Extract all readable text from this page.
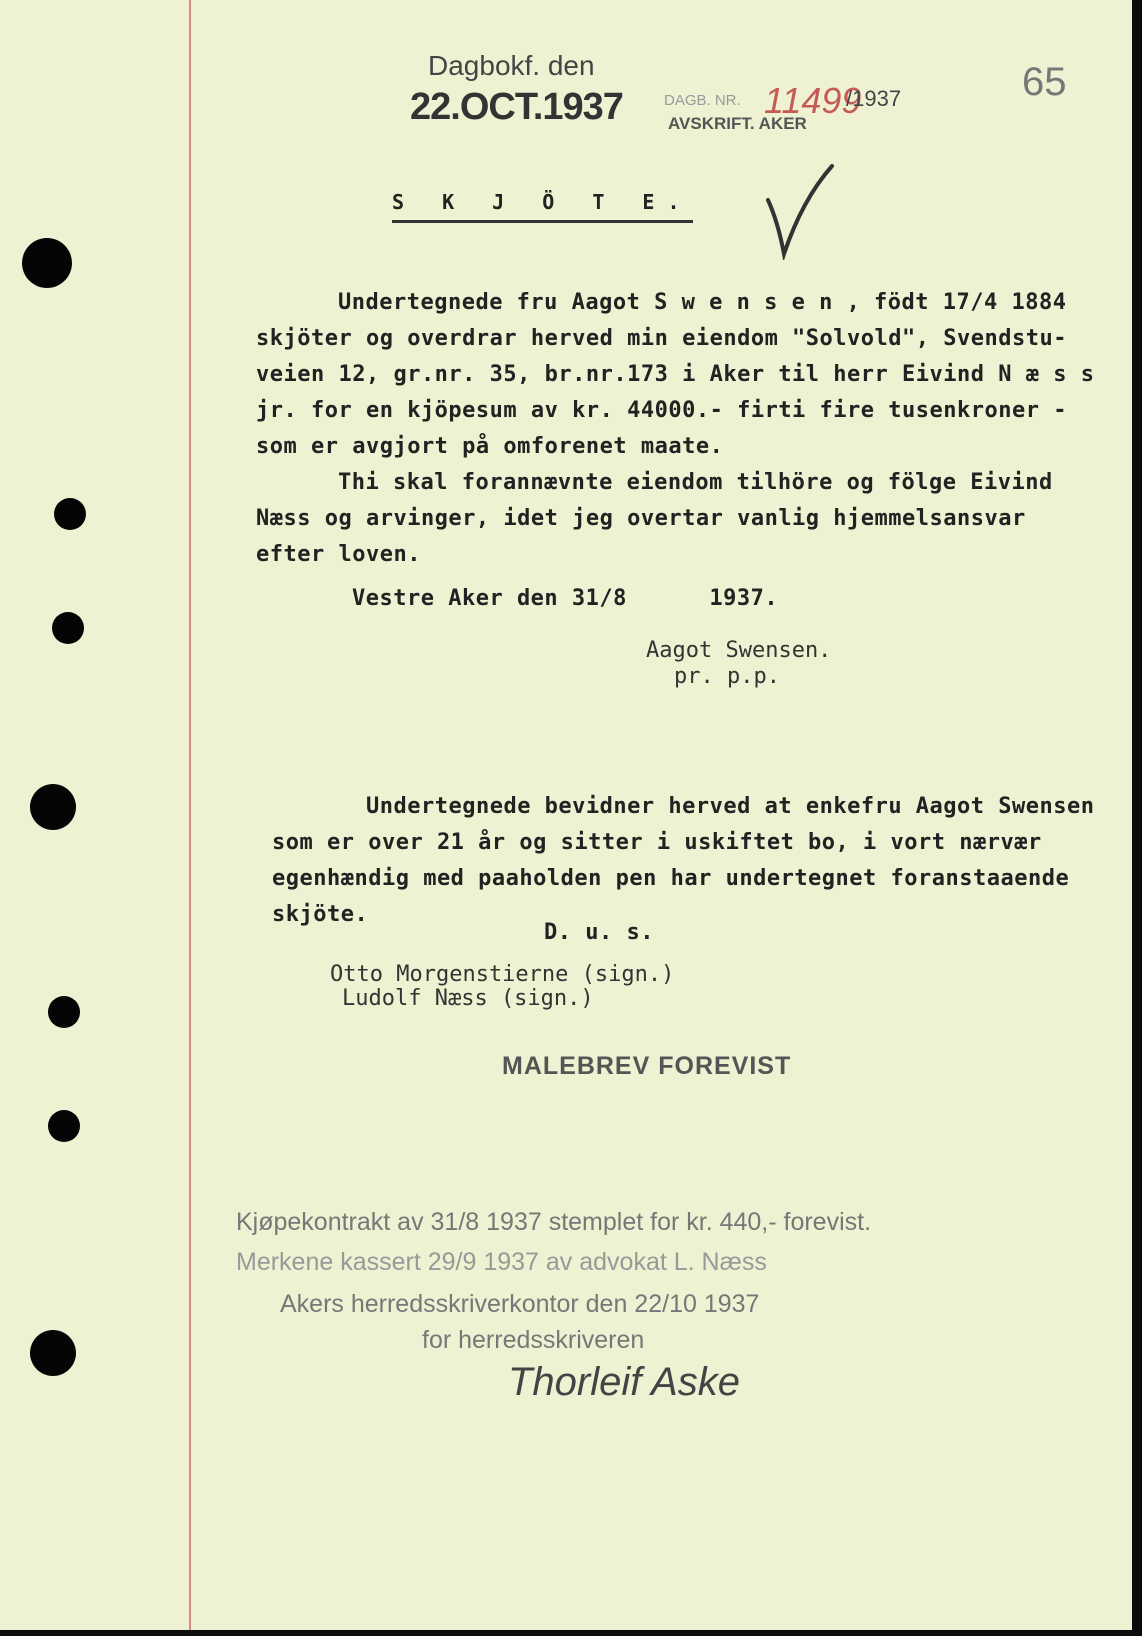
Dagbokf. den
22.OCT.1937	DAGB. NR. 11499
/1937
AVSKRIFT. AKER
65
S K J Ö T E.
Undertegnede fru Aagot S w e n s e n , födt 17/4 1884
skjöter og overdrar herved min eiendom "Solvold", Svendstu-
veien 12, gr.nr. 35, br.nr.173 i Aker til herr Eivind N æ s s
jr. for en kjöpesum av kr. 44000.- firti fire tusenkroner -
som er avgjort på omforenet maate.
Thi skal forannævnte eiendom tilhöre og fölge Eivind
Næss og arvinger, idet jeg overtar vanlig hjemmelsansvar
efter loven.
Vestre Aker den 31/8      1937.
Aagot Swensen.
pr. p.p.
Undertegnede bevidner herved at enkefru Aagot Swensen
som er over 21 år og sitter i uskiftet bo, i vort nærvær
egenhændig med paaholden pen har undertegnet foranstaaende
skjöte.
D. u. s.
Otto Morgenstierne (sign.)
Ludolf Næss (sign.)
MALEBREV FOREVIST
Kjøpekontrakt av 31/8 1937 stemplet for kr. 440,- forevist.
Merkene kassert 29/9 1937 av advokat L. Næss
Akers herredsskriverkontor den 22/10 1937
for herredsskriveren
Thorleif Aske
